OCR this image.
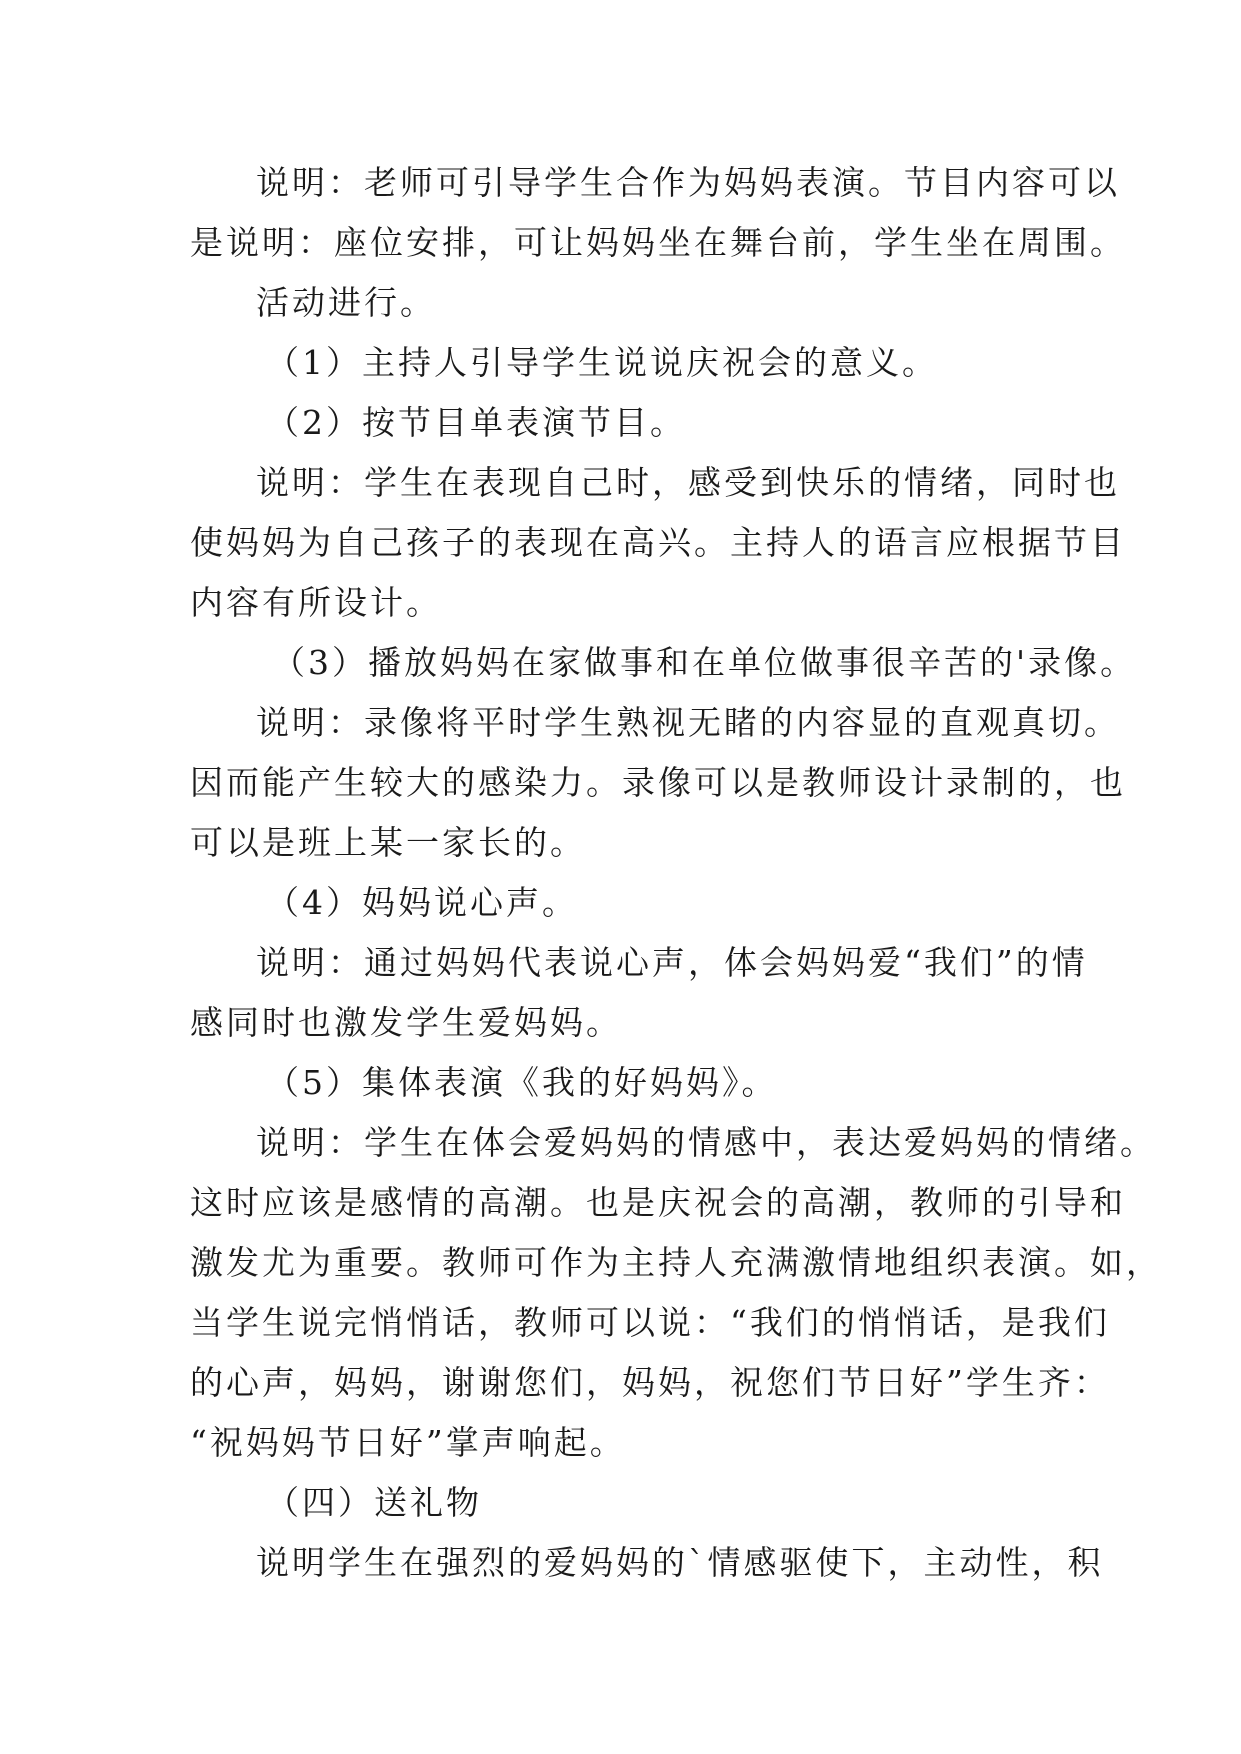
说明：老师可引导学生合作为妈妈表演。节目内容可以
是说明：座位安排，可让妈妈坐在舞台前，学生坐在周围。
活动进行。
（1）主持人引导学生说说庆祝会的意义。
（2）按节目单表演节目。
说明：学生在表现自己时，感受到快乐的情绪，同时也
使妈妈为自己孩子的表现在高兴。主持人的语言应根据节目
内容有所设计。
（3）播放妈妈在家做事和在单位做事很辛苦的'录像。
说明：录像将平时学生熟视无睹的内容显的直观真切。
因而能产生较大的感染力。录像可以是教师设计录制的，也
可以是班上某一家长的。
（4）妈妈说心声。
说明：通过妈妈代表说心声，体会妈妈爱“我们”的情
感同时也激发学生爱妈妈。
（5）集体表演《我的好妈妈》。
说明：学生在体会爱妈妈的情感中，表达爱妈妈的情绪。
这时应该是感情的高潮。也是庆祝会的高潮，教师的引导和
激发尤为重要。教师可作为主持人充满激情地组织表演。如，
当学生说完悄悄话，教师可以说：“我们的悄悄话，是我们
的心声，妈妈，谢谢您们，妈妈，祝您们节日好”学生齐：
“祝妈妈节日好”掌声响起。
（四）送礼物
说明学生在强烈的爱妈妈的`情感驱使下，主动性，积
